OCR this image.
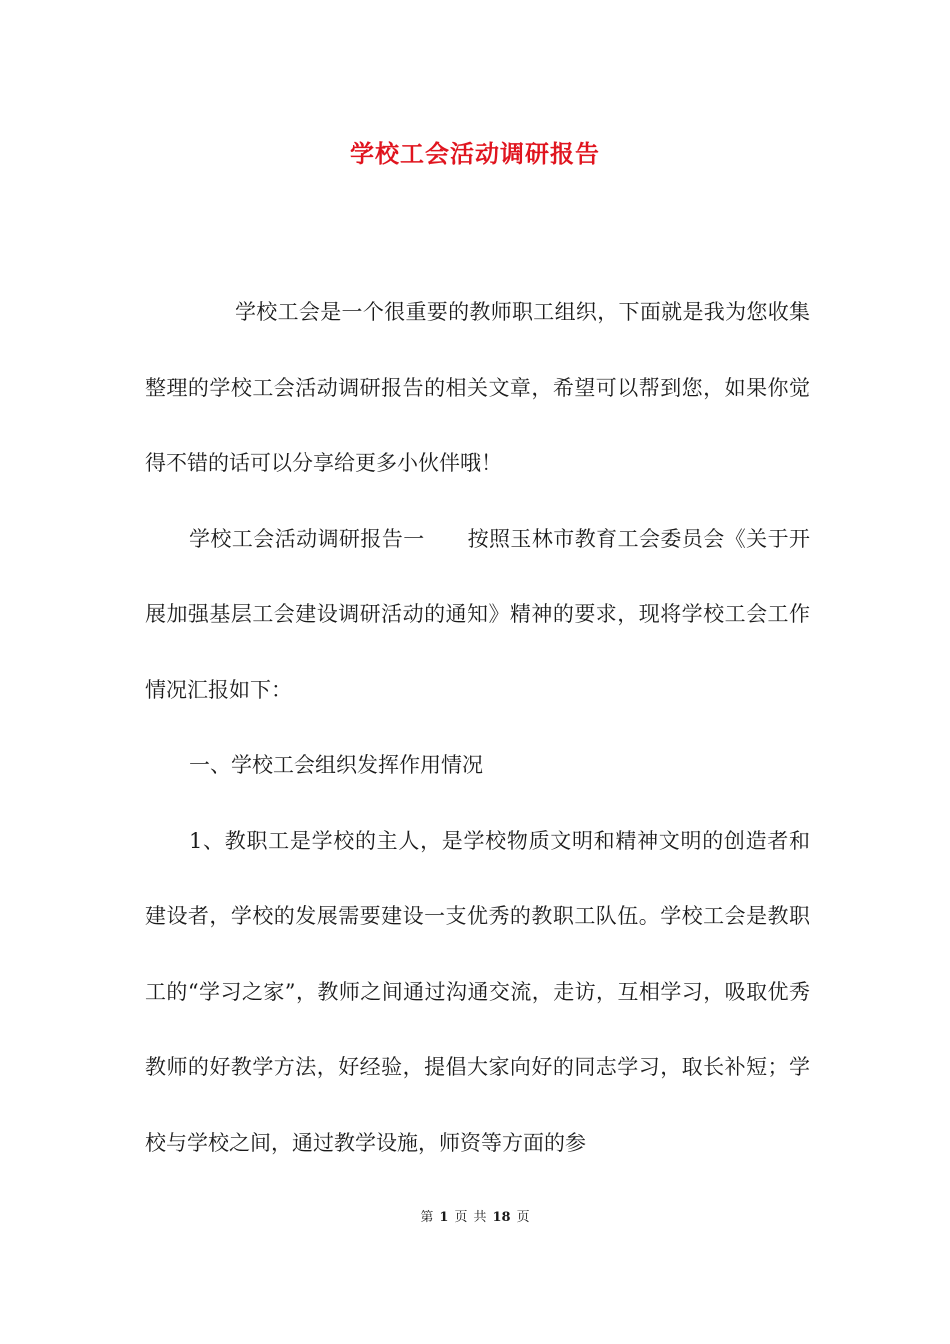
学校工会活动调研报告

学校工会是一个很重要的教师职工组织，下面就是我为您收集整理的学校工会活动调研报告的相关文章，希望可以帮到您，如果你觉得不错的话可以分享给更多小伙伴哦！

学校工会活动调研报告一　　按照玉林市教育工会委员会《关于开展加强基层工会建设调研活动的通知》精神的要求，现将学校工会工作情况汇报如下：

一、学校工会组织发挥作用情况

1、教职工是学校的主人，是学校物质文明和精神文明的创造者和建设者，学校的发展需要建设一支优秀的教职工队伍。学校工会是教职工的“学习之家”，教师之间通过沟通交流，走访，互相学习，吸取优秀教师的好教学方法，好经验，提倡大家向好的同志学习，取长补短；学校与学校之间，通过教学设施，师资等方面的参

第 1 页 共 18 页
